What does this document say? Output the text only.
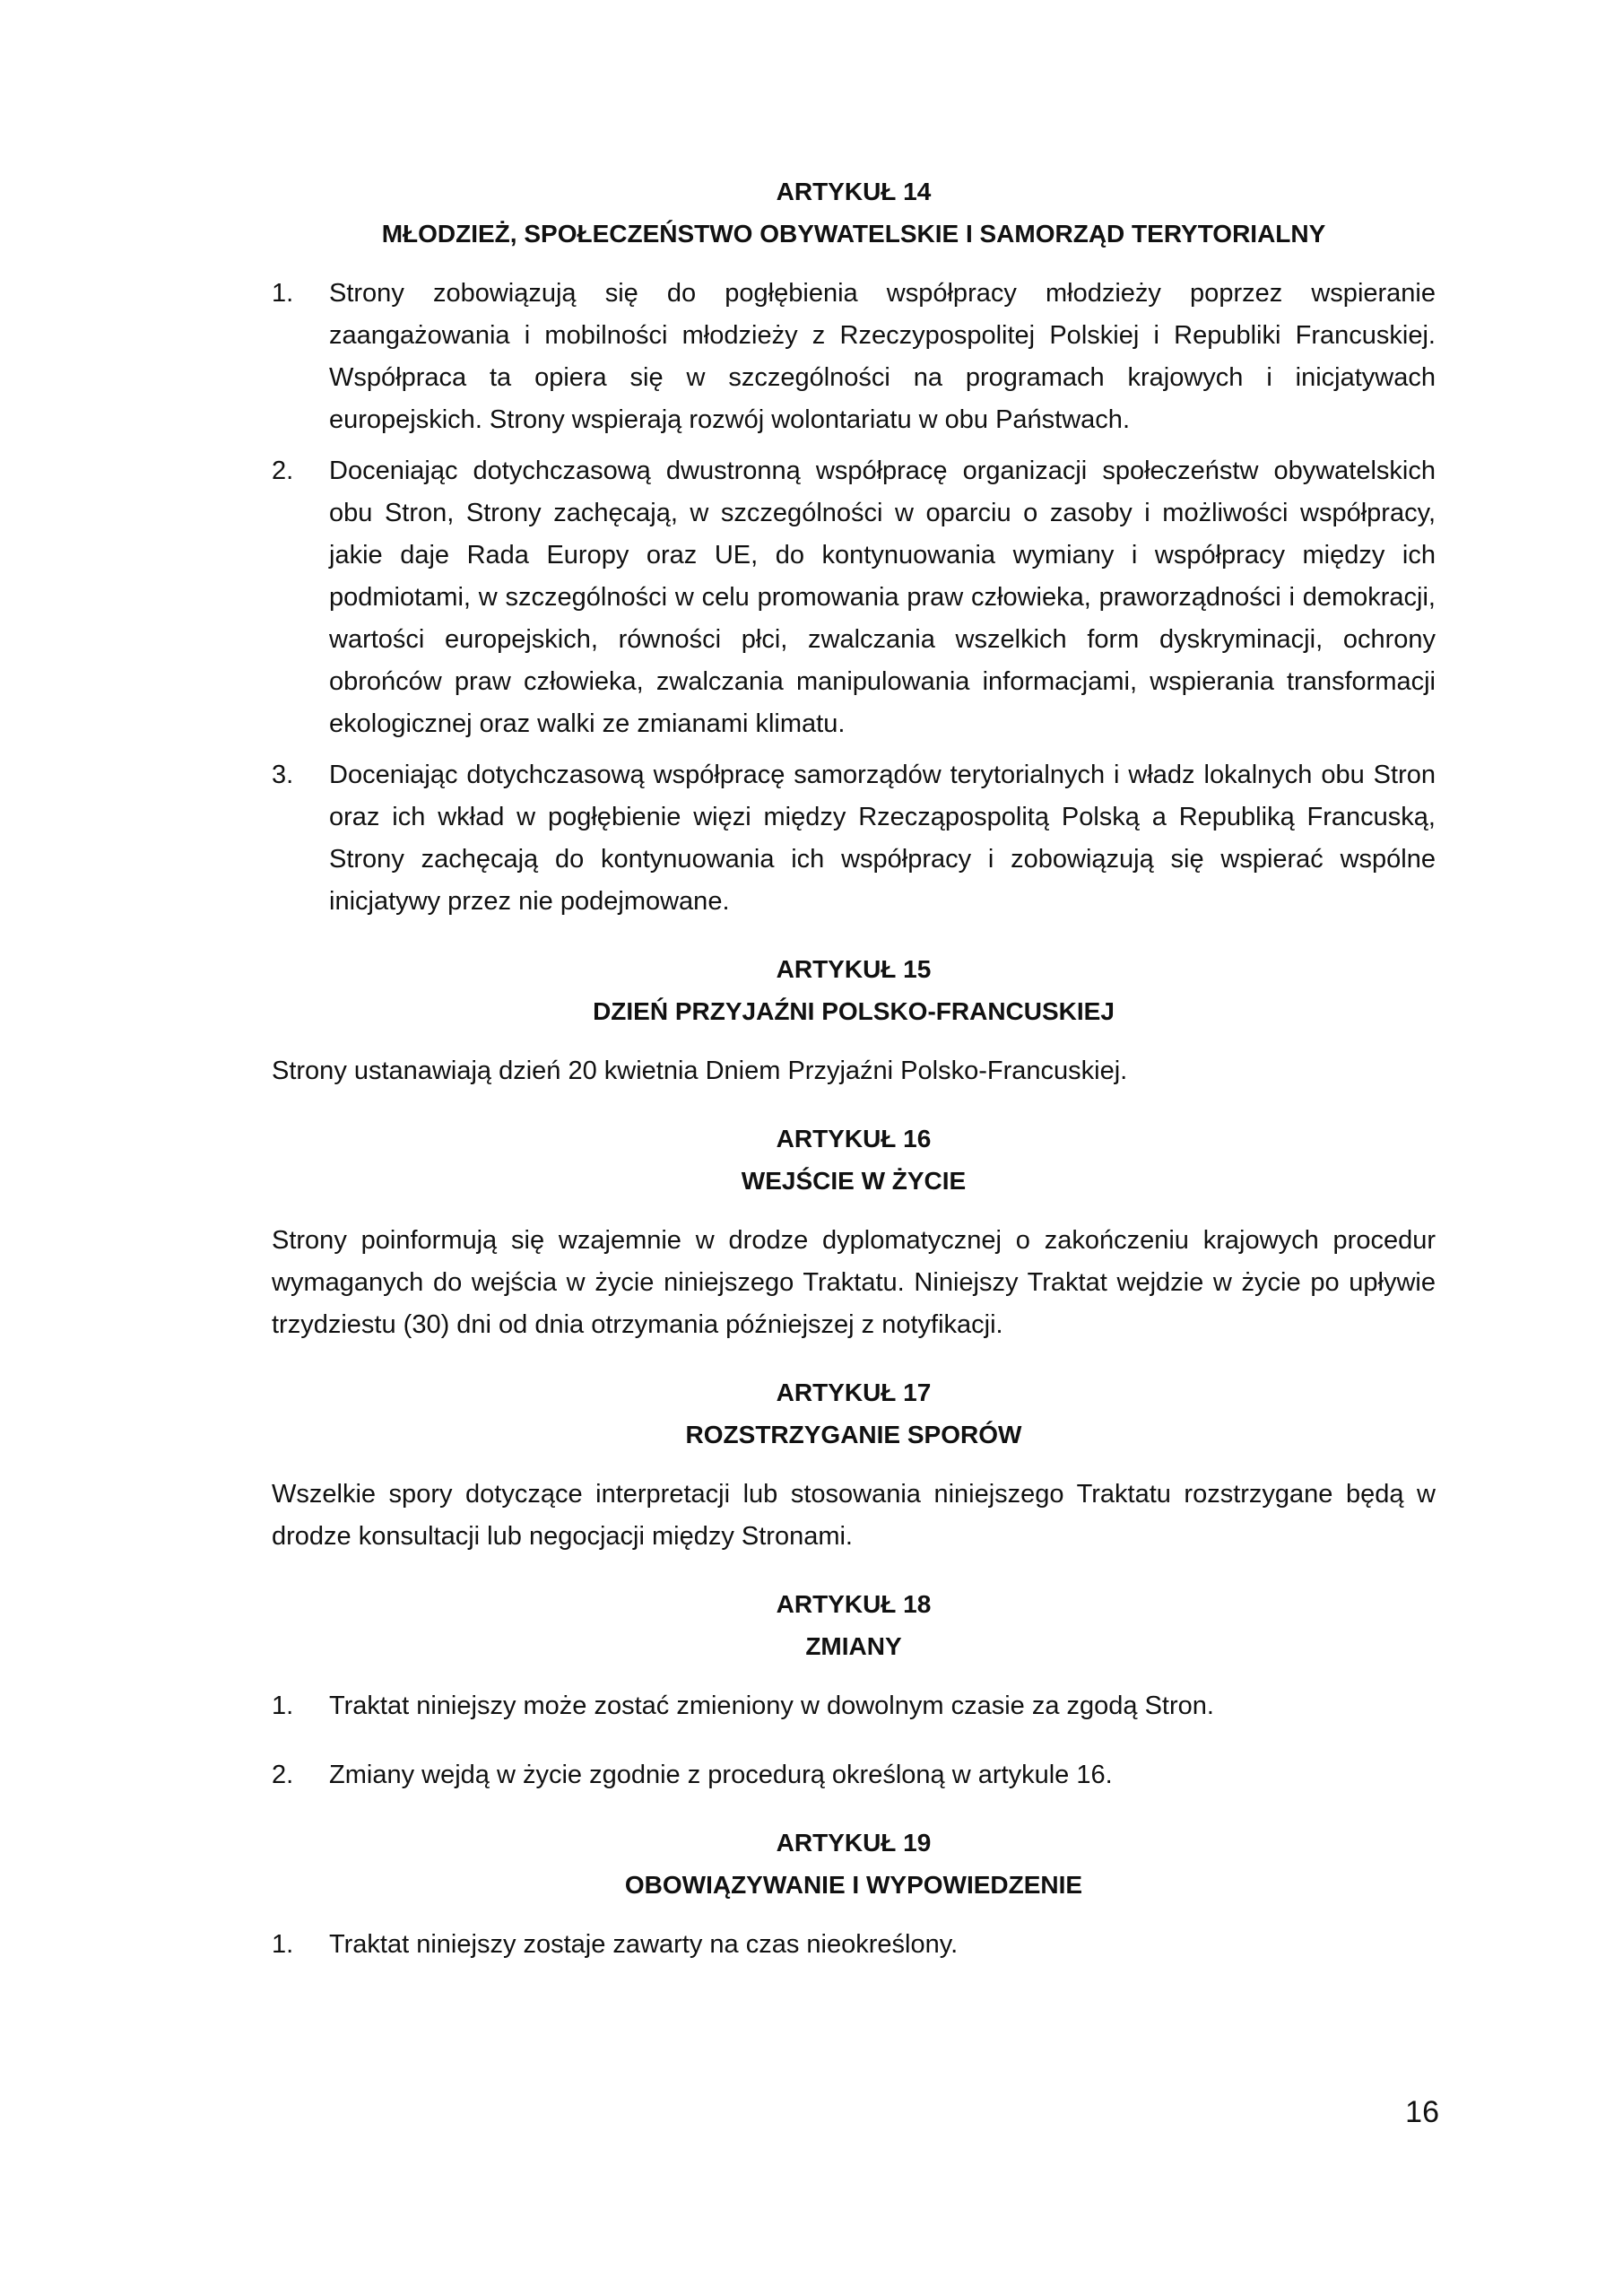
ARTYKUŁ 14
MŁODZIEŻ, SPOŁECZEŃSTWO OBYWATELSKIE I SAMORZĄD TERYTORIALNY
1.	Strony zobowiązują się do pogłębienia współpracy młodzieży poprzez wspieranie zaangażowania i mobilności młodzieży z Rzeczypospolitej Polskiej i Republiki Francuskiej. Współpraca ta opiera się w szczególności na programach krajowych i inicjatywach europejskich. Strony wspierają rozwój wolontariatu w obu Państwach.
2.	Doceniając dotychczasową dwustronną współpracę organizacji społeczeństw obywatelskich obu Stron, Strony zachęcają, w szczególności w oparciu o zasoby i możliwości współpracy, jakie daje Rada Europy oraz UE, do kontynuowania wymiany i współpracy między ich podmiotami, w szczególności w celu promowania praw człowieka, praworządności i demokracji, wartości europejskich, równości płci, zwalczania wszelkich form dyskryminacji, ochrony obrońców praw człowieka, zwalczania manipulowania informacjami, wspierania transformacji ekologicznej oraz walki ze zmianami klimatu.
3.	Doceniając dotychczasową współpracę samorządów terytorialnych i władz lokalnych obu Stron oraz ich wkład w pogłębienie więzi między Rzecząpospolitą Polską a Republiką Francuską, Strony zachęcają do kontynuowania ich współpracy i zobowiązują się wspierać wspólne inicjatywy przez nie podejmowane.
ARTYKUŁ 15
DZIEŃ PRZYJAŹNI POLSKO-FRANCUSKIEJ

Strony ustanawiają dzień 20 kwietnia Dniem Przyjaźni Polsko-Francuskiej.

ARTYKUŁ 16
WEJŚCIE W ŻYCIE

Strony poinformują się wzajemnie w drodze dyplomatycznej o zakończeniu krajowych procedur wymaganych do wejścia w życie niniejszego Traktatu. Niniejszy Traktat wejdzie w życie po upływie trzydziestu (30) dni od dnia otrzymania późniejszej z notyfikacji.

ARTYKUŁ 17
ROZSTRZYGANIE SPORÓW

Wszelkie spory dotyczące interpretacji lub stosowania niniejszego Traktatu rozstrzygane będą w drodze konsultacji lub negocjacji między Stronami.

ARTYKUŁ 18
ZMIANY
1.	Traktat niniejszy może zostać zmieniony w dowolnym czasie za zgodą Stron.
2.	Zmiany wejdą w życie zgodnie z procedurą określoną w artykule 16.
ARTYKUŁ 19
OBOWIĄZYWANIE I WYPOWIEDZENIE
1.	Traktat niniejszy zostaje zawarty na czas nieokreślony.
16
